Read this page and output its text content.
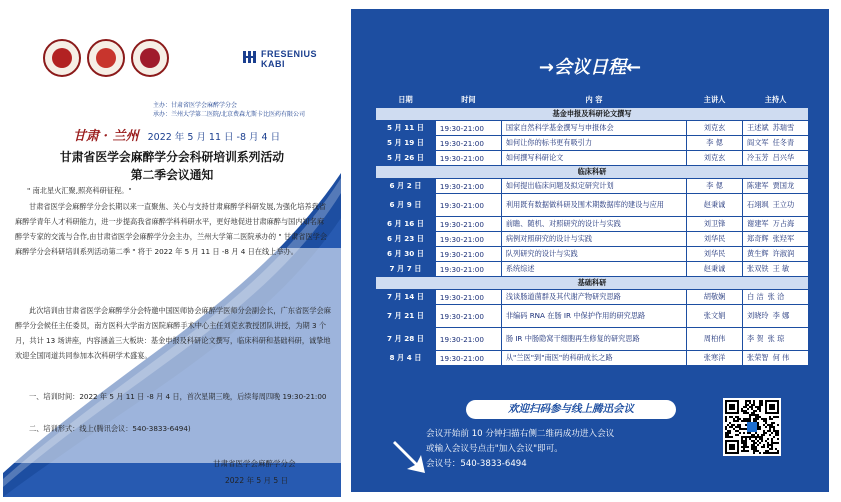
FRESENIUS
KABI
主办：甘肃省医学会麻醉学分会
承办：兰州大学第二医院/北京费森尤斯卡比医药有限公司
甘肃 · 兰州 2022 年 5 月 11 日 -8 月 4 日
甘肃省医学会麻醉学分会科研培训系列活动
第二季会议通知
" 南北星火汇聚,照亮科研征程。"
甘肃省医学会麻醉学分会长期以来一直聚焦、关心与支持甘肃麻醉学科研发展,为强化培养我省麻醉学青年人才科研能力，进一步提高我省麻醉学科科研水平，更好地促进甘肃麻醉与国内知名麻醉学专家的交流与合作,由甘肃省医学会麻醉学分会主办，兰州大学第二医院承办的 " 甘肃省医学会麻醉学分会科研培训系列活动第二季 " 将于 2022 年 5 月 11 日 -8 月 4 日在线上举办。
此次培训由甘肃省医学会麻醉学分会特邀中国医师协会麻醉学医师分会副会长，广东省医学会麻醉学分会候任主任委员，南方医科大学南方医院麻醉手术中心主任刘克玄教授团队讲授，为期 3 个月，共计 13 场讲座，内容涵盖三大板块：基金申报及科研论文撰写，临床科研和基础科研，诚挚地欢迎全国同道共同参加本次科研学术盛宴。
一、培训时间：2022 年 5 月 11 日 -8 月 4 日，首次星期三晚，后续每周四晚 19:30-21:00
二、培训形式：线上(腾讯会议：540-3833-6494)
甘肃省医学会麻醉学分会
2022 年 5 月 5 日
→会议日程←
日期	时间	内 容	主讲人	主持人
基金申报及科研论文撰写				
5 月 11 日	19:30-21:00	国家自然科学基金撰写与申报体会	刘克玄	王述斌 苏瑞雪
5 月 19 日	19:30-21:00	如何让你的标书更有吸引力	李 偲	阎文军 任冬青
5 月 26 日	19:30-21:00	如何撰写科研论文	刘克玄	冷玉芳 吕兴华
临床科研				
6 月 2 日	19:30-21:00	如何提出临床问题及拟定研究计划	李 偲	陈建军 贾国龙
6 月 9 日	19:30-21:00	利用既有数据做科研及围术期数据库的建设与应用	赵秉诚	石翊飒 王立功
6 月 16 日	19:30-21:00	前瞻、随机、对照研究的设计与实践	刘卫锋	谢建军 万占海
6 月 23 日	19:30-21:00	病例对照研究的设计与实践	刘华民	郑奇辉 张羟军
6 月 30 日	19:30-21:00	队列研究的设计与实践	刘华民	黄生辉 许淑润
7 月 7 日	19:30-21:00	系统综述	赵秉诚	张双铁 王 敏
基础科研				
7 月 14 日	19:30-21:00	浅谈肠道菌群及其代谢产物研究思路	胡敬娴	白 洁 张 洽
7 月 21 日	19:30-21:00	非编码 RNA 在肠 IR 中保护作用的研究思路	张文娟	刘晓玲 李 娜
7 月 28 日	19:30-21:00	肠 IR 中肠隐窝干细胞再生修复的研究思路	周柏伟	李 贺 张 琼
8 月 4 日	19:30-21:00	从"兰医"到"南医"的科研成长之路	张寒洋	张荣智 何 伟
欢迎扫码参与线上腾迅会议
会议开始前 10 分钟扫描右侧二维码成功进入会议
或输入会议号点击"加入会议"即可。
会议号：540-3833-6494
